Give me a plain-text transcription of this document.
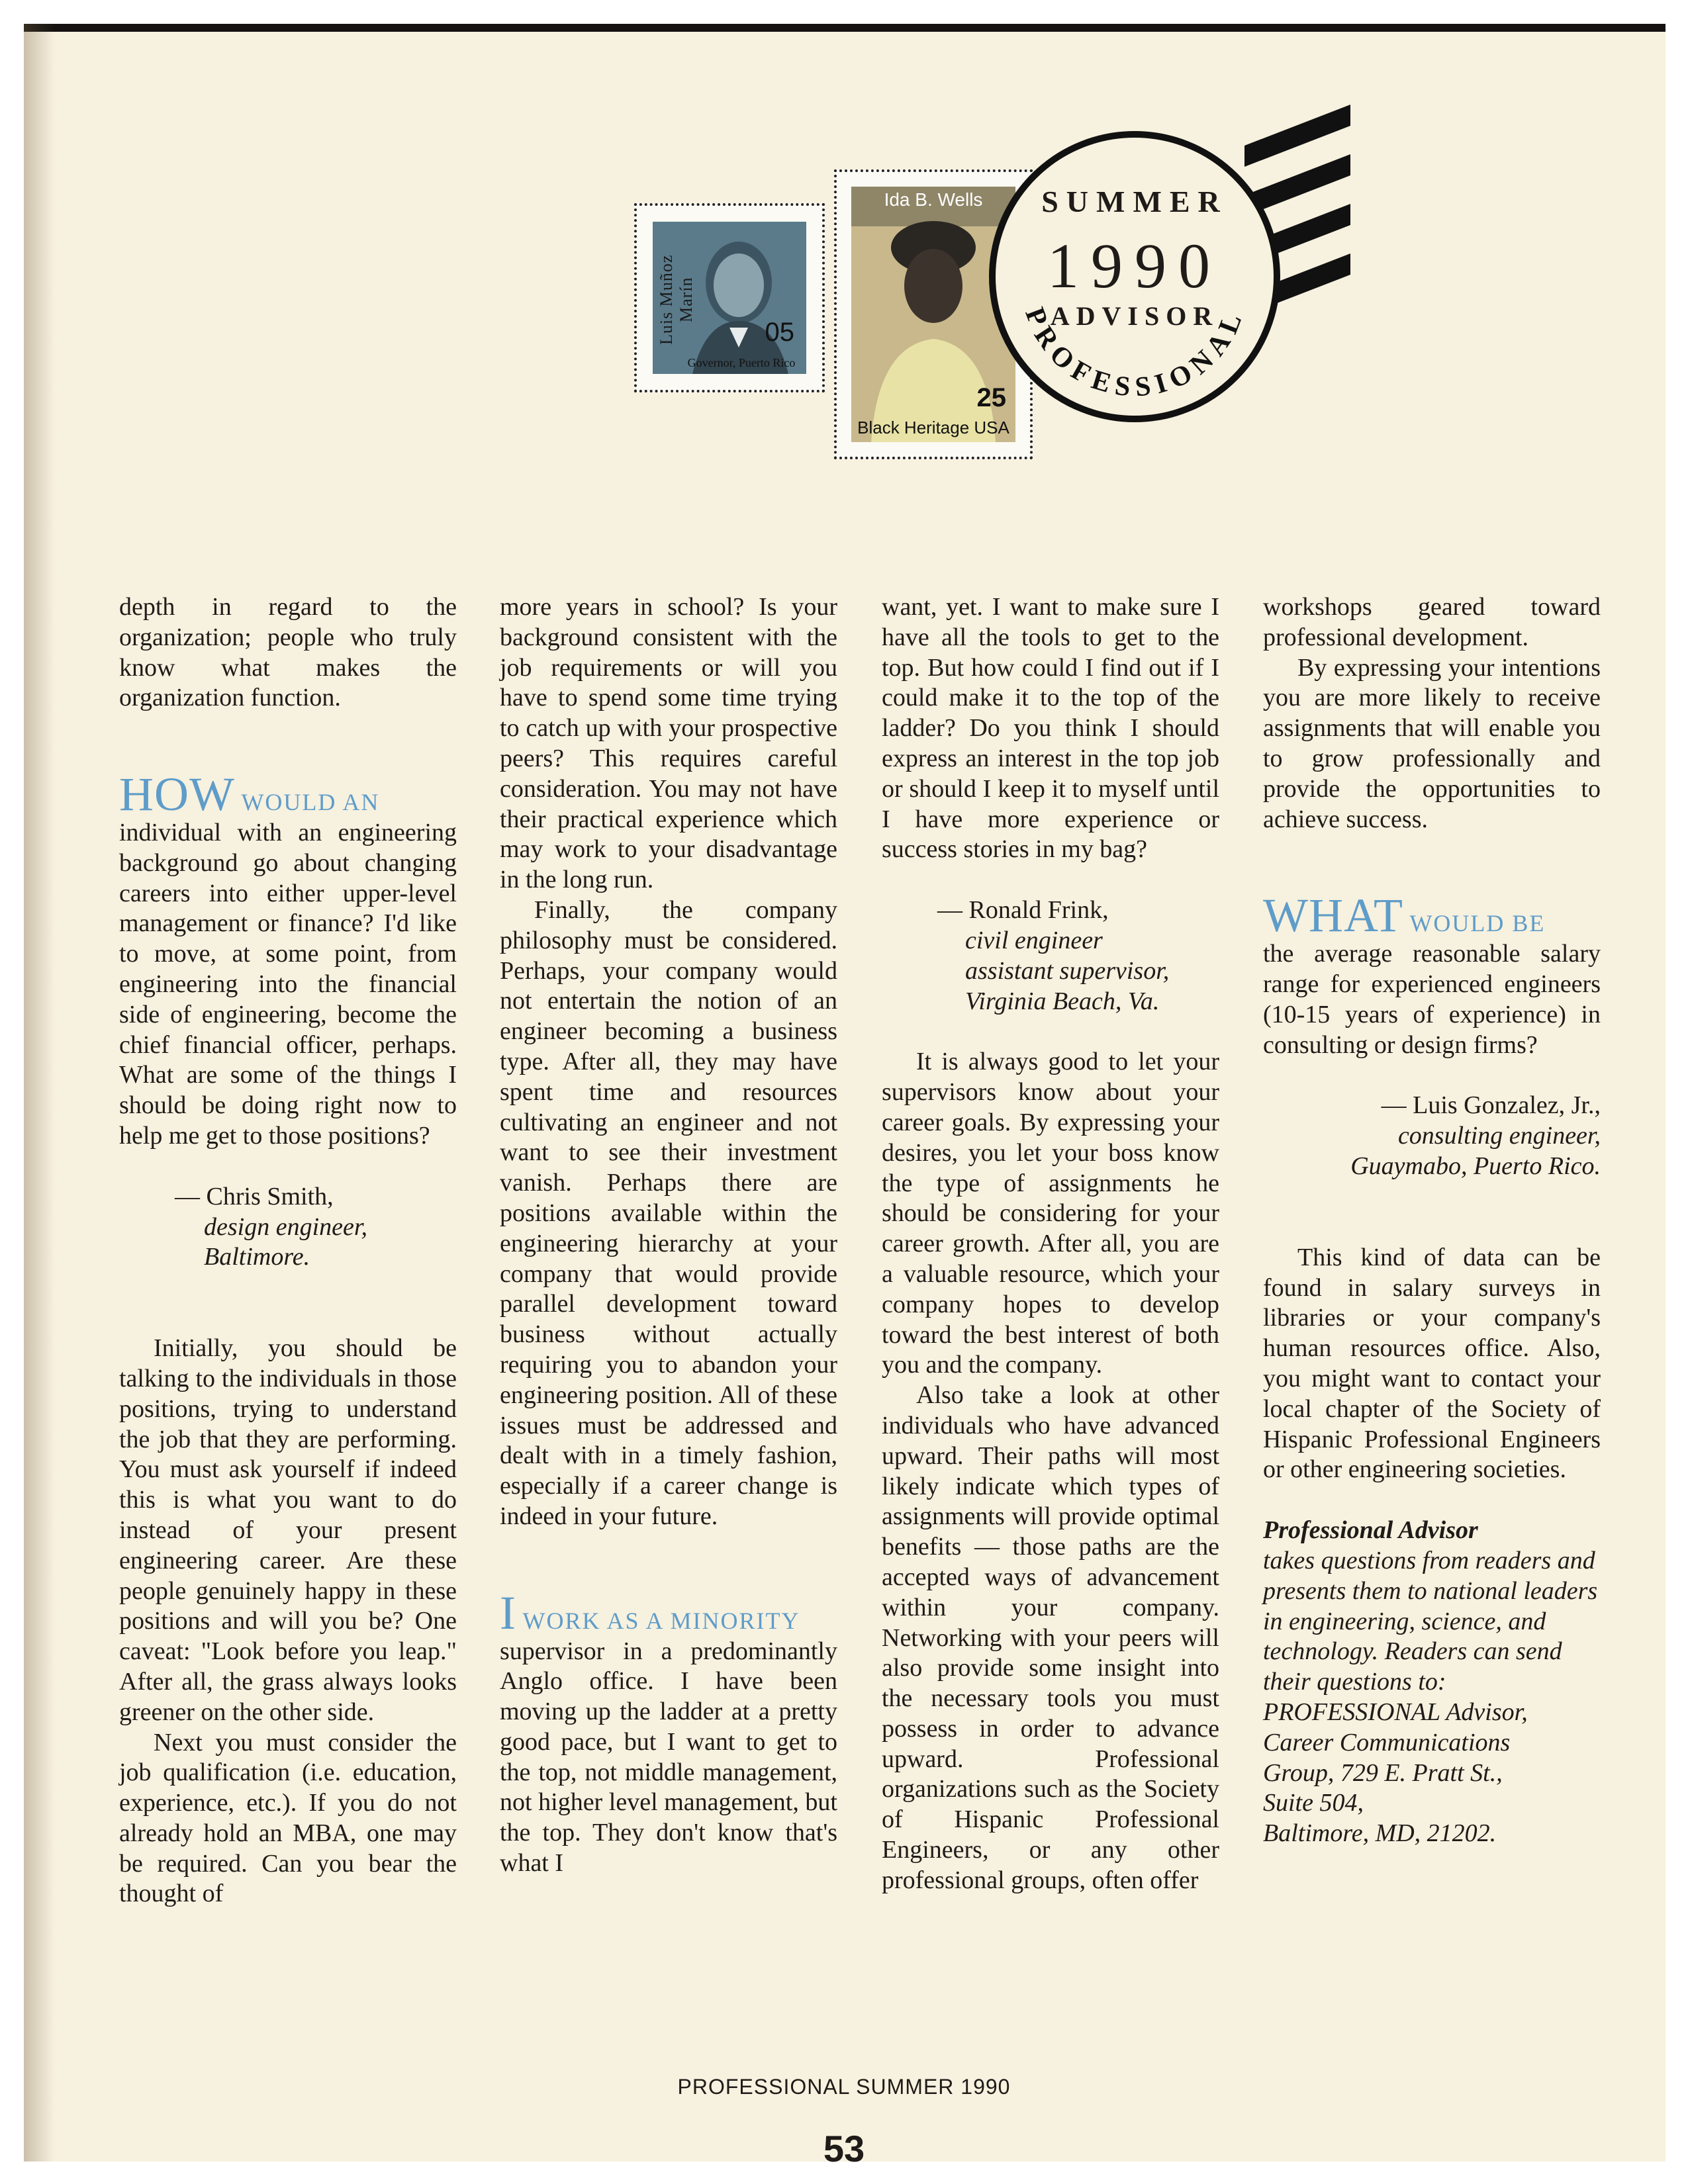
Luis Muñoz Marín
05
Governor, Puerto Rico
Ida B. Wells
25
Black Heritage USA
SUMMER
1990
ADVISOR
PROFESSIONAL

depth in regard to the organization; people who truly know what makes the organization function.

HOW WOULD AN

individual with an engineering background go about changing careers into either upper-level management or finance? I'd like to move, at some point, from engineering into the financial side of engineering, become the chief financial officer, perhaps. What are some of the things I should be doing right now to help me get to those positions?

— Chris Smith,
design engineer,
Baltimore.

Initially, you should be talking to the individuals in those positions, trying to understand the job that they are performing. You must ask yourself if indeed this is what you want to do instead of your present engineering career. Are these people genuinely happy in these positions and will you be? One caveat: "Look before you leap." After all, the grass always looks greener on the other side.

Next you must consider the job qualification (i.e. education, experience, etc.). If you do not already hold an MBA, one may be required. Can you bear the thought of

more years in school? Is your background consistent with the job requirements or will you have to spend some time trying to catch up with your prospective peers? This requires careful consideration. You may not have their practical experience which may work to your disadvantage in the long run.

Finally, the company philosophy must be considered. Perhaps, your company would not entertain the notion of an engineer becoming a business type. After all, they may have spent time and resources cultivating an engineer and not want to see their investment vanish. Perhaps there are positions available within the engineering hierarchy at your company that would provide parallel development toward business without actually requiring you to abandon your engineering position. All of these issues must be addressed and dealt with in a timely fashion, especially if a career change is indeed in your future.

I WORK AS A MINORITY

supervisor in a predominantly Anglo office. I have been moving up the ladder at a pretty good pace, but I want to get to the top, not middle management, not higher level management, but the top. They don't know that's what I

want, yet. I want to make sure I have all the tools to get to the top. But how could I find out if I could make it to the top of the ladder? Do you think I should express an interest in the top job or should I keep it to myself until I have more experience or success stories in my bag?

— Ronald Frink,
civil engineer
assistant supervisor,
Virginia Beach, Va.

It is always good to let your supervisors know about your career goals. By expressing your desires, you let your boss know the type of assignments he should be considering for your career growth. After all, you are a valuable resource, which your company hopes to develop toward the best interest of both you and the company.

Also take a look at other individuals who have advanced upward. Their paths will most likely indicate which types of assignments will provide optimal benefits — those paths are the accepted ways of advancement within your company. Networking with your peers will also provide some insight into the necessary tools you must possess in order to advance upward. Professional organizations such as the Society of Hispanic Professional Engineers, or any other professional groups, often offer

workshops geared toward professional development.

By expressing your intentions you are more likely to receive assignments that will enable you to grow professionally and provide the opportunities to achieve success.

WHAT WOULD BE

the average reasonable salary range for experienced engineers (10-15 years of experience) in consulting or design firms?

— Luis Gonzalez, Jr.,
consulting engineer,
Guaymabo, Puerto Rico.

This kind of data can be found in salary surveys in libraries or your company's human resources office. Also, you might want to contact your local chapter of the Society of Hispanic Professional Engineers or other engineering societies.

Professional Advisor
takes questions from readers and presents them to national leaders in engineering, science, and technology. Readers can send their questions to:
PROFESSIONAL Advisor,
Career Communications
Group, 729 E. Pratt St.,
Suite 504,
Baltimore, MD, 21202.
PROFESSIONAL SUMMER 1990
53
